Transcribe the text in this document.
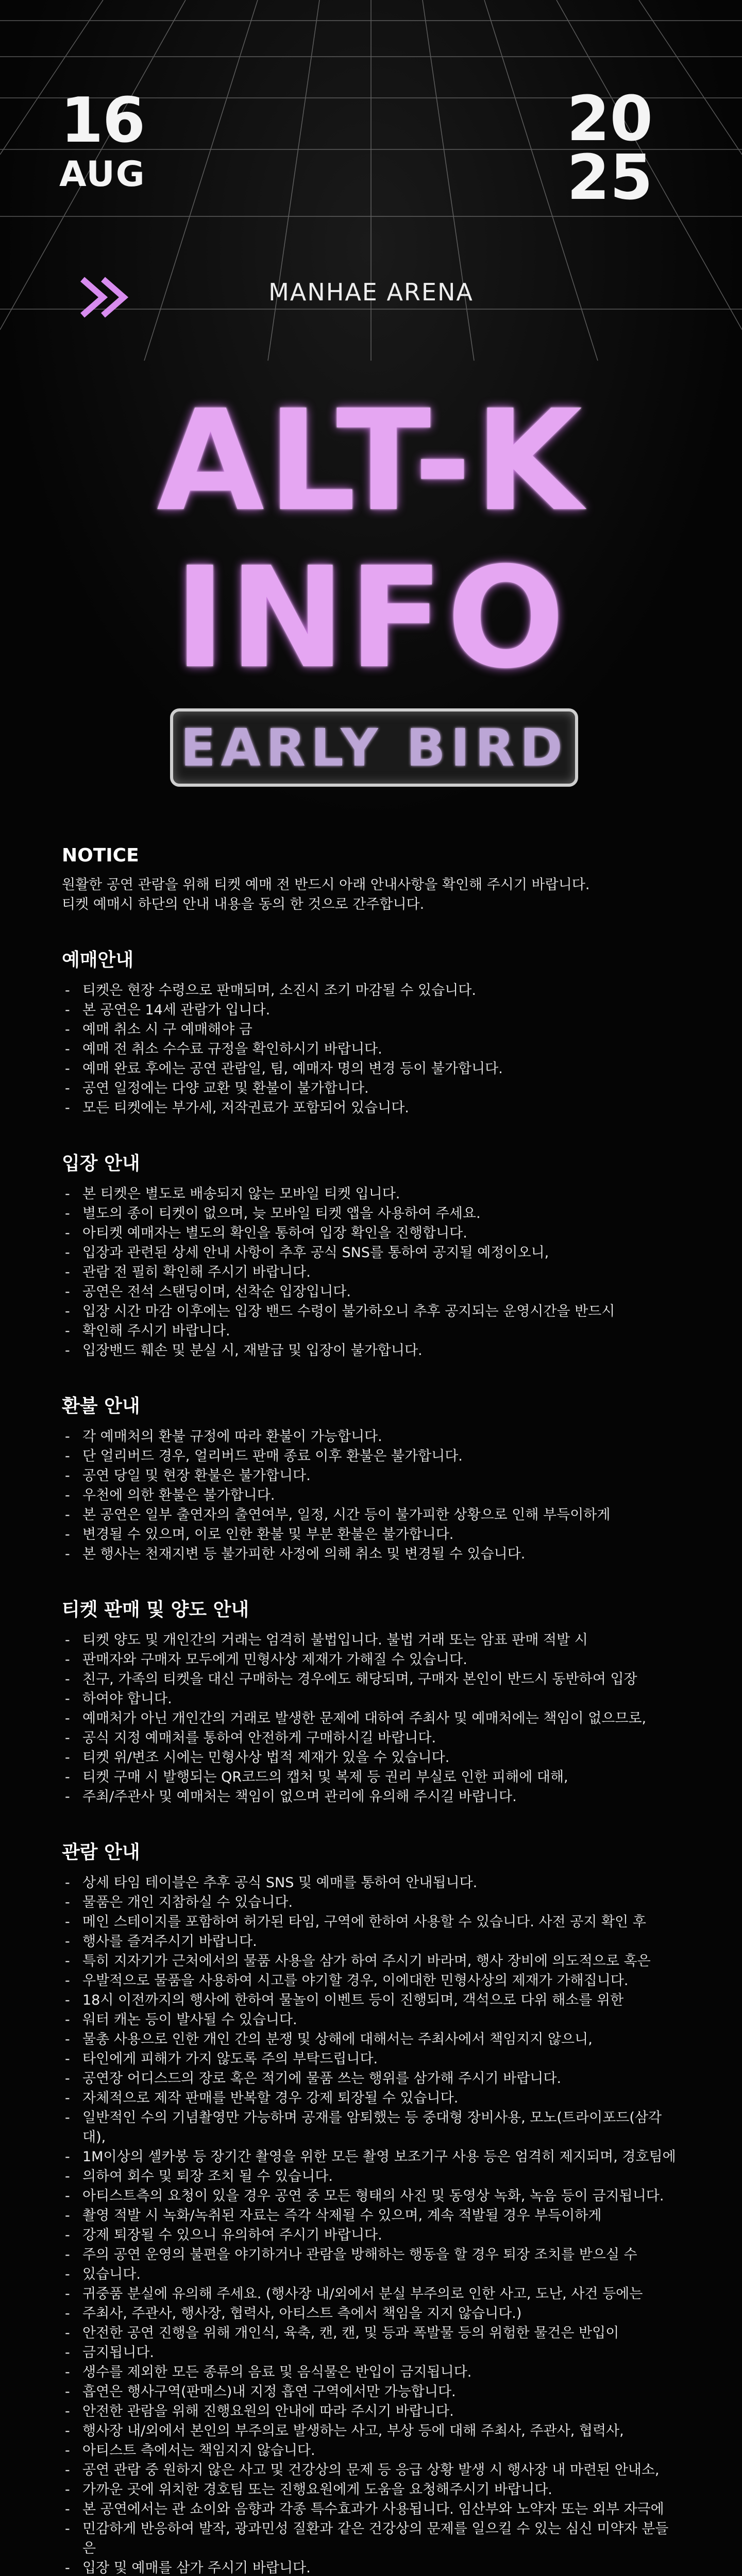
16
AUG
20
25
MANHAE ARENA
ALT-K
INFO
EARLY BIRD
NOTICE

원활한 공연 관람을 위해 티켓 예매 전 반드시 아래 안내사항을 확인해 주시기 바랍니다.

티켓 예매시 하단의 안내 내용을 동의 한 것으로 간주합니다.

예매안내
- 티켓은 현장 수령으로 판매되며, 소진시 조기 마감될 수 있습니다.
- 본 공연은 14세 관람가 입니다.
- 예매 취소 시 구 예매해야 금
- 예매 전 취소 수수료 규정을 확인하시기 바랍니다.
- 예매 완료 후에는 공연 관람일, 팀, 예매자 명의 변경 등이 불가합니다.
- 공연 일정에는 다양 교환 및 환불이 불가합니다.
- 모든 티켓에는 부가세, 저작권료가 포함되어 있습니다.
입장 안내
- 본 티켓은 별도로 배송되지 않는 모바일 티켓 입니다.
- 별도의 종이 티켓이 없으며, 늦 모바일 티켓 앱을 사용하여 주세요.
- 아티켓 예매자는 별도의 확인을 통하여 입장 확인을 진행합니다.
- 입장과 관련된 상세 안내 사항이 추후 공식 SNS를 통하여 공지될 예정이오니,
- 관람 전 필히 확인해 주시기 바랍니다.
- 공연은 전석 스탠딩이며, 선착순 입장입니다.
- 입장 시간 마감 이후에는 입장 밴드 수령이 불가하오니 추후 공지되는 운영시간을 반드시
- 확인해 주시기 바랍니다.
- 입장밴드 훼손 및 분실 시, 재발급 및 입장이 불가합니다.
환불 안내
- 각 예매처의 환불 규정에 따라 환불이 가능합니다.
- 단 얼리버드 경우, 얼리버드 판매 종료 이후 환불은 불가합니다.
- 공연 당일 및 현장 환불은 불가합니다.
- 우천에 의한 환불은 불가합니다.
- 본 공연은 일부 출연자의 출연여부, 일정, 시간 등이 불가피한 상황으로 인해 부득이하게
- 변경될 수 있으며, 이로 인한 환불 및 부분 환불은 불가합니다.
- 본 행사는 천재지변 등 불가피한 사정에 의해 취소 및 변경될 수 있습니다.
티켓 판매 및 양도 안내
- 티켓 양도 및 개인간의 거래는 엄격히 불법입니다. 불법 거래 또는 암표 판매 적발 시
- 판매자와 구매자 모두에게 민형사상 제재가 가해질 수 있습니다.
- 친구, 가족의 티켓을 대신 구매하는 경우에도 해당되며, 구매자 본인이 반드시 동반하여 입장
- 하여야 합니다.
- 예매처가 아닌 개인간의 거래로 발생한 문제에 대하여 주최사 및 예매처에는 책임이 없으므로,
- 공식 지정 예매처를 통하여 안전하게 구매하시길 바랍니다.
- 티켓 위/변조 시에는 민형사상 법적 제재가 있을 수 있습니다.
- 티켓 구매 시 발행되는 QR코드의 캡처 및 복제 등 권리 부실로 인한 피해에 대해,
- 주최/주관사 및 예매처는 책임이 없으며 관리에 유의해 주시길 바랍니다.
관람 안내
- 상세 타임 테이블은 추후 공식 SNS 및 예매를 통하여 안내됩니다.
- 물품은 개인 지참하실 수 있습니다.
- 메인 스테이지를 포함하여 허가된 타임, 구역에 한하여 사용할 수 있습니다. 사전 공지 확인 후
- 행사를 즐겨주시기 바랍니다.
- 특히 지자기가 근처에서의 물품 사용을 삼가 하여 주시기 바라며, 행사 장비에 의도적으로 혹은
- 우발적으로 물품을 사용하여 시고를 야기할 경우, 이에대한 민형사상의 제재가 가해집니다.
- 18시 이전까지의 행사에 한하여 물놀이 이벤트 등이 진행되며, 객석으로 다위 해소를 위한
- 워터 캐논 등이 발사될 수 있습니다.
- 물총 사용으로 인한 개인 간의 분쟁 및 상해에 대해서는 주최사에서 책임지지 않으니,
- 타인에게 피해가 가지 않도록 주의 부탁드립니다.
- 공연장 어디스드의 장로 혹은 적기에 물품 쓰는 행위를 삼가해 주시기 바랍니다.
- 자체적으로 제작 판매를 반복할 경우 강제 퇴장될 수 있습니다.
- 일반적인 수의 기념촬영만 가능하며 공재를 암퇴했는 등 중대형 장비사용, 모노(트라이포드(삼각대),
- 1M이상의 셀카봉 등 장기간 촬영을 위한 모든 촬영 보조기구 사용 등은 엄격히 제지되며, 경호팀에
- 의하여 회수 및 퇴장 조치 될 수 있습니다.
- 아티스트측의 요청이 있을 경우 공연 중 모든 형태의 사진 및 동영상 녹화, 녹음 등이 금지됩니다.
- 촬영 적발 시 녹화/녹취된 자료는 즉각 삭제될 수 있으며, 계속 적발될 경우 부득이하게
- 강제 퇴장될 수 있으니 유의하여 주시기 바랍니다.
- 주의 공연 운영의 불편을 야기하거나 관람을 방해하는 행동을 할 경우 퇴장 조치를 받으실 수
- 있습니다.
- 귀중품 분실에 유의해 주세요. (행사장 내/외에서 분실 부주의로 인한 사고, 도난, 사건 등에는
- 주최사, 주관사, 행사장, 협력사, 아티스트 측에서 책임을 지지 않습니다.)
- 안전한 공연 진행을 위해 개인식, 육축, 캔, 캔, 및 등과 폭발물 등의 위험한 물건은 반입이
- 금지됩니다.
- 생수를 제외한 모든 종류의 음료 및 음식물은 반입이 금지됩니다.
- 흡연은 행사구역(판매스)내 지정 흡연 구역에서만 가능합니다.
- 안전한 관람을 위해 진행요원의 안내에 따라 주시기 바랍니다.
- 행사장 내/외에서 본인의 부주의로 발생하는 사고, 부상 등에 대해 주최사, 주관사, 협력사,
- 아티스트 측에서는 책임지지 않습니다.
- 공연 관람 중 원하지 않은 사고 및 건강상의 문제 등 응급 상황 발생 시 행사장 내 마련된 안내소,
- 가까운 곳에 위치한 경호팀 또는 진행요원에게 도움을 요청해주시기 바랍니다.
- 본 공연에서는 관 쇼이와 음향과 각종 특수효과가 사용됩니다. 임산부와 노약자 또는 외부 자극에
- 민감하게 반응하여 발작, 광과민성 질환과 같은 건강상의 문제를 일으킬 수 있는 심신 미약자 분들은
- 입장 및 예매를 삼가 주시기 바랍니다.
